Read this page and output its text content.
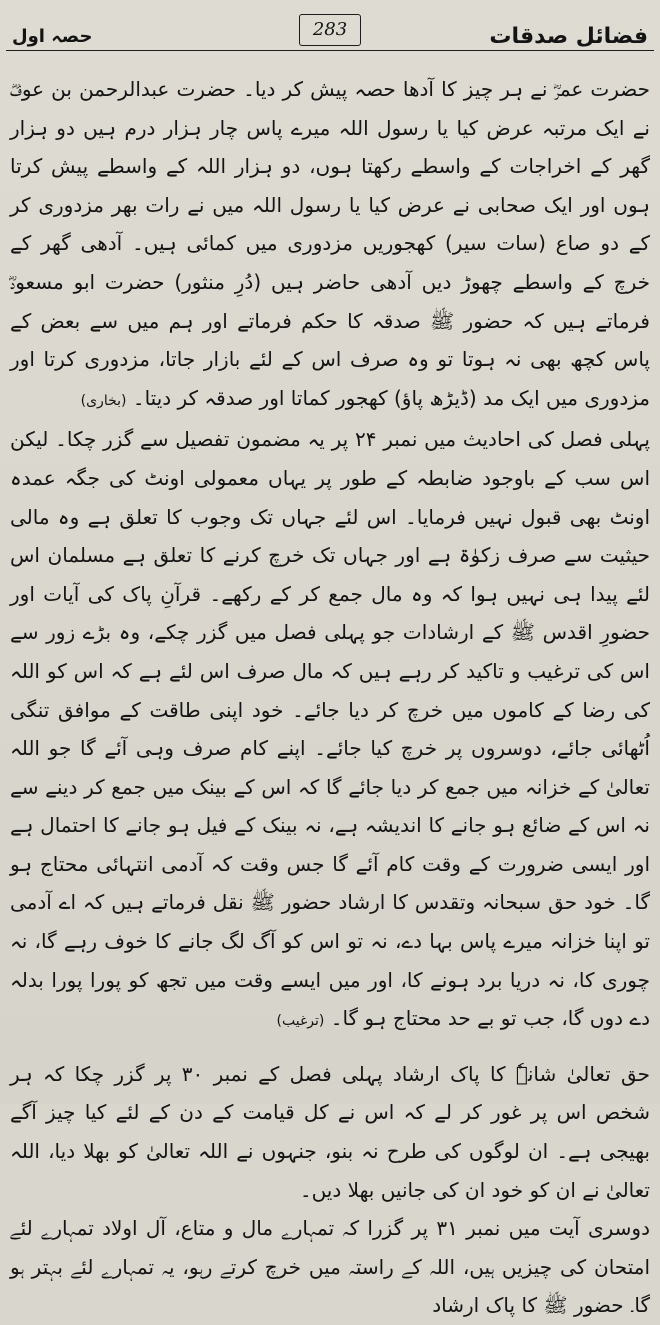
فضائل صدقات
283
حصہ اول

حضرت عمرؓ نے ہر چیز کا آدھا حصہ پیش کر دیا۔ حضرت عبدالرحمن بن عوفؓ نے ایک مرتبہ عرض کیا یا رسول اللہ میرے پاس چار ہزار درم ہیں دو ہزار گھر کے اخراجات کے واسطے رکھتا ہوں، دو ہزار اللہ کے واسطے پیش کرتا ہوں اور ایک صحابی نے عرض کیا یا رسول اللہ میں نے رات بھر مزدوری کر کے دو صاع (سات سیر) کھجوریں مزدوری میں کمائی ہیں۔ آدھی گھر کے خرچ کے واسطے چھوڑ دیں آدھی حاضر ہیں (دُرِ منثور) حضرت ابو مسعودؓ فرماتے ہیں کہ حضور ﷺ صدقہ کا حکم فرماتے اور ہم میں سے بعض کے پاس کچھ بھی نہ ہوتا تو وہ صرف اس کے لئے بازار جاتا، مزدوری کرتا اور مزدوری میں ایک مد (ڈیڑھ پاؤ) کھجور کماتا اور صدقہ کر دیتا۔ (بخاری)

پہلی فصل کی احادیث میں نمبر ۲۴ پر یہ مضمون تفصیل سے گزر چکا۔ لیکن اس سب کے باوجود ضابطہ کے طور پر یہاں معمولی اونٹ کی جگہ عمدہ اونٹ بھی قبول نہیں فرمایا۔ اس لئے جہاں تک وجوب کا تعلق ہے وہ مالی حیثیت سے صرف زکوٰۃ ہے اور جہاں تک خرچ کرنے کا تعلق ہے مسلمان اس لئے پیدا ہی نہیں ہوا کہ وہ مال جمع کر کے رکھے۔ قرآنِ پاک کی آیات اور حضورِ اقدس ﷺ کے ارشادات جو پہلی فصل میں گزر چکے، وہ بڑے زور سے اس کی ترغیب و تاکید کر رہے ہیں کہ مال صرف اس لئے ہے کہ اس کو اللہ کی رضا کے کاموں میں خرچ کر دیا جائے۔ خود اپنی طاقت کے موافق تنگی اُٹھائی جائے، دوسروں پر خرچ کیا جائے۔ اپنے کام صرف وہی آئے گا جو اللہ تعالیٰ کے خزانہ میں جمع کر دیا جائے گا کہ اس کے بینک میں جمع کر دینے سے نہ اس کے ضائع ہو جانے کا اندیشہ ہے، نہ بینک کے فیل ہو جانے کا احتمال ہے اور ایسی ضرورت کے وقت کام آئے گا جس وقت کہ آدمی انتہائی محتاج ہو گا۔ خود حق سبحانہ وتقدس کا ارشاد حضور ﷺ نقل فرماتے ہیں کہ اے آدمی تو اپنا خزانہ میرے پاس بہا دے، نہ تو اس کو آگ لگ جانے کا خوف رہے گا، نہ چوری کا، نہ دریا برد ہونے کا، اور میں ایسے وقت میں تجھ کو پورا پورا بدلہ دے دوں گا، جب تو بے حد محتاج ہو گا۔ (ترغیب)

حق تعالیٰ شانہٗ کا پاک ارشاد پہلی فصل کے نمبر ۳۰ پر گزر چکا کہ ہر شخص اس پر غور کر لے کہ اس نے کل قیامت کے دن کے لئے کیا چیز آگے بھیجی ہے۔ ان لوگوں کی طرح نہ بنو، جنہوں نے اللہ تعالیٰ کو بھلا دیا، اللہ تعالیٰ نے ان کو خود ان کی جانیں بھلا دیں۔

دوسری آیت میں نمبر ۳۱ پر گزرا کہ تمہارے مال و متاع، آل اولاد تمہارے لئے امتحان کی چیزیں ہیں، اللہ کے راستہ میں خرچ کرتے رہو، یہ تمہارے لئے بہتر ہو گا۔ حضور ﷺ کا پاک ارشاد
